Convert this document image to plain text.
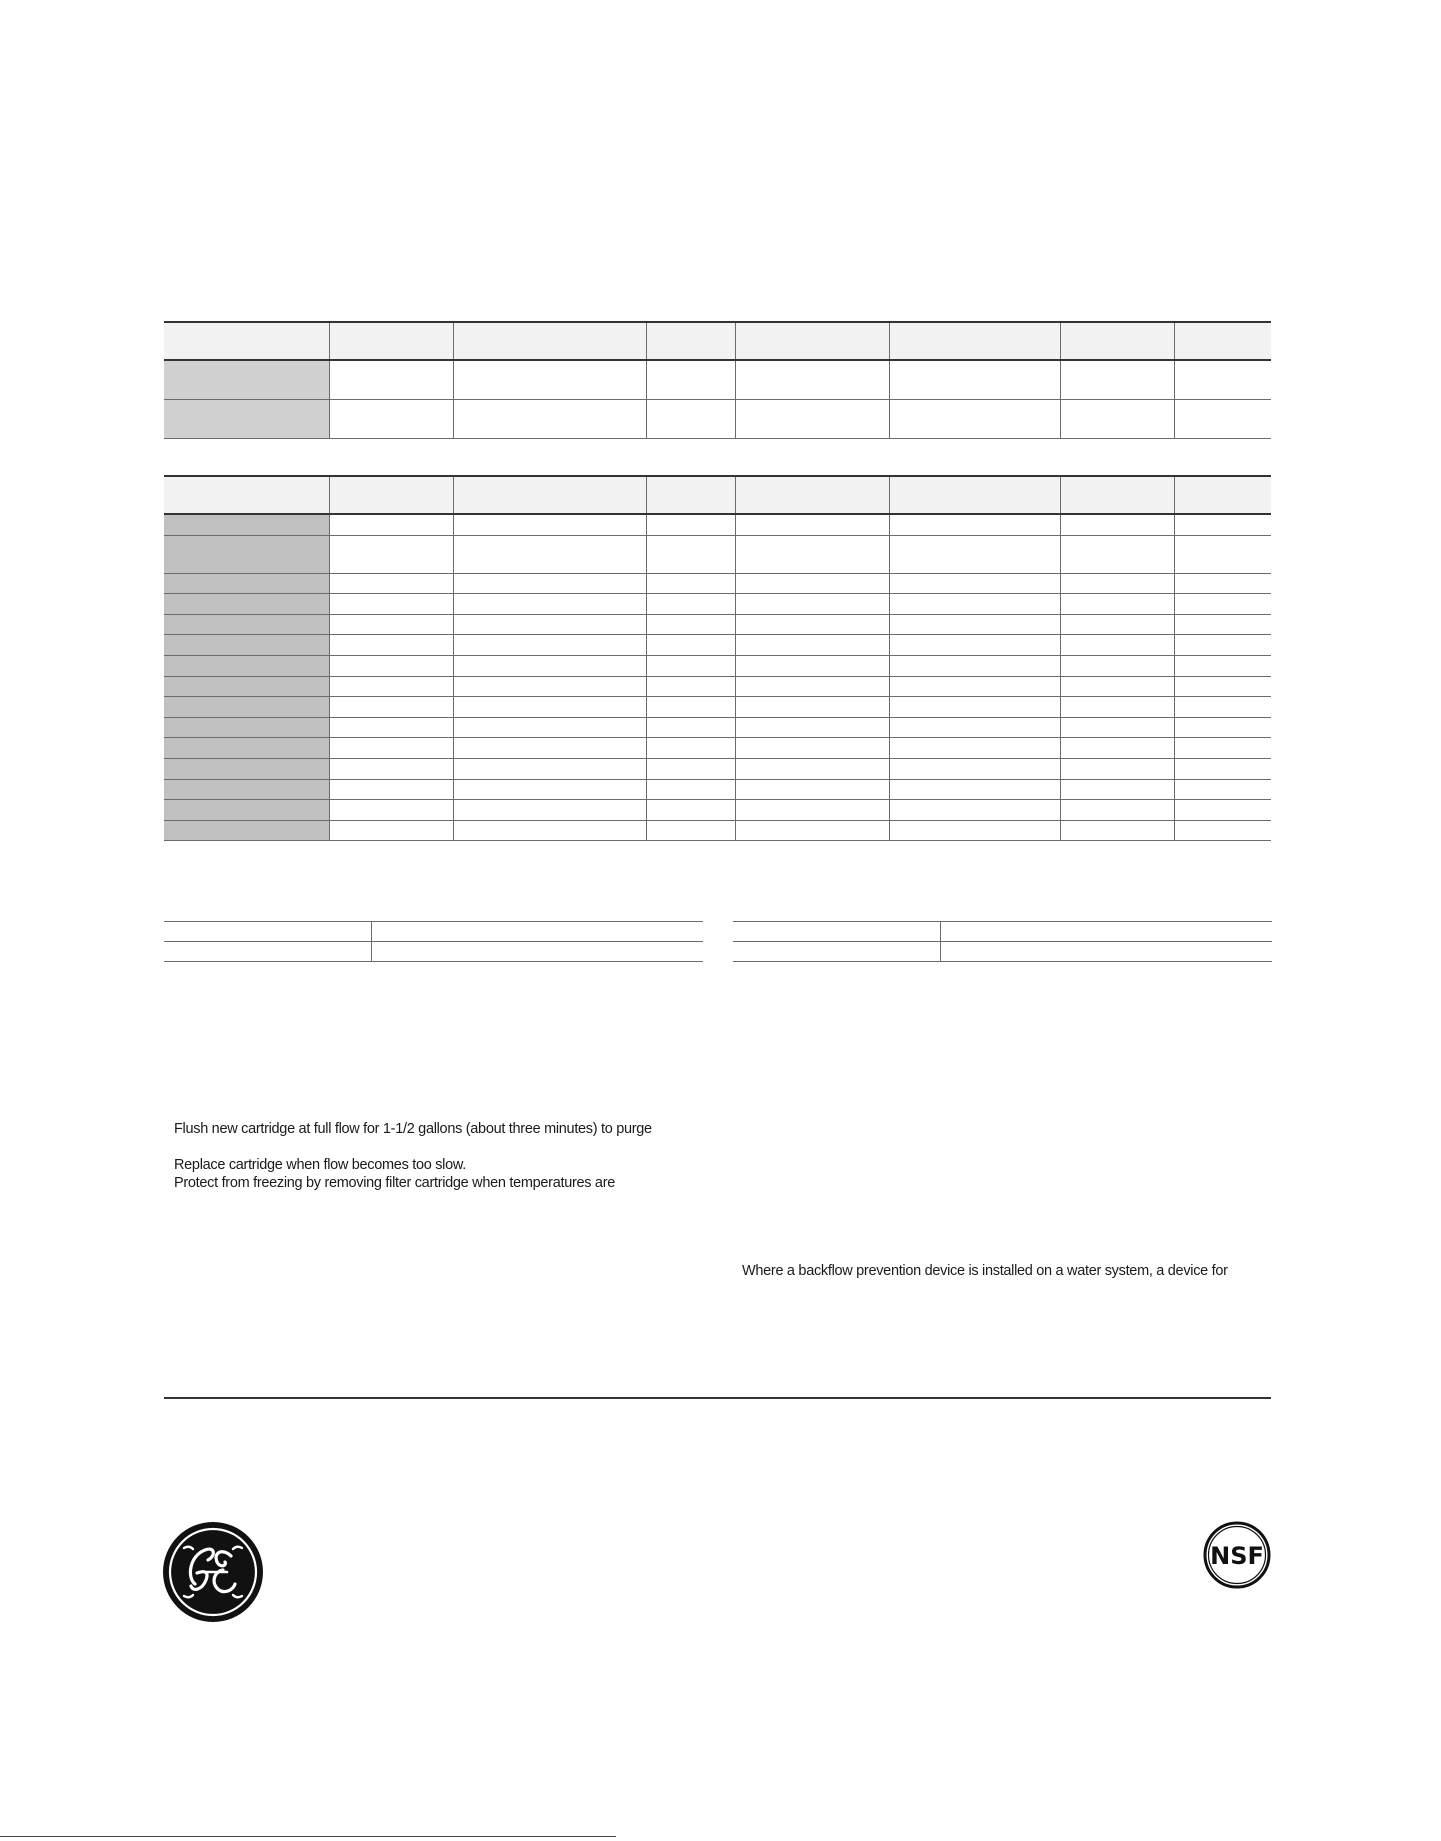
Flush new cartridge at full flow for 1-1/2 gallons (about three minutes) to purge

Replace cartridge when flow becomes too slow.

Protect from freezing by removing filter cartridge when temperatures are

Where a backflow prevention device is installed on a water system, a device for

NSF
